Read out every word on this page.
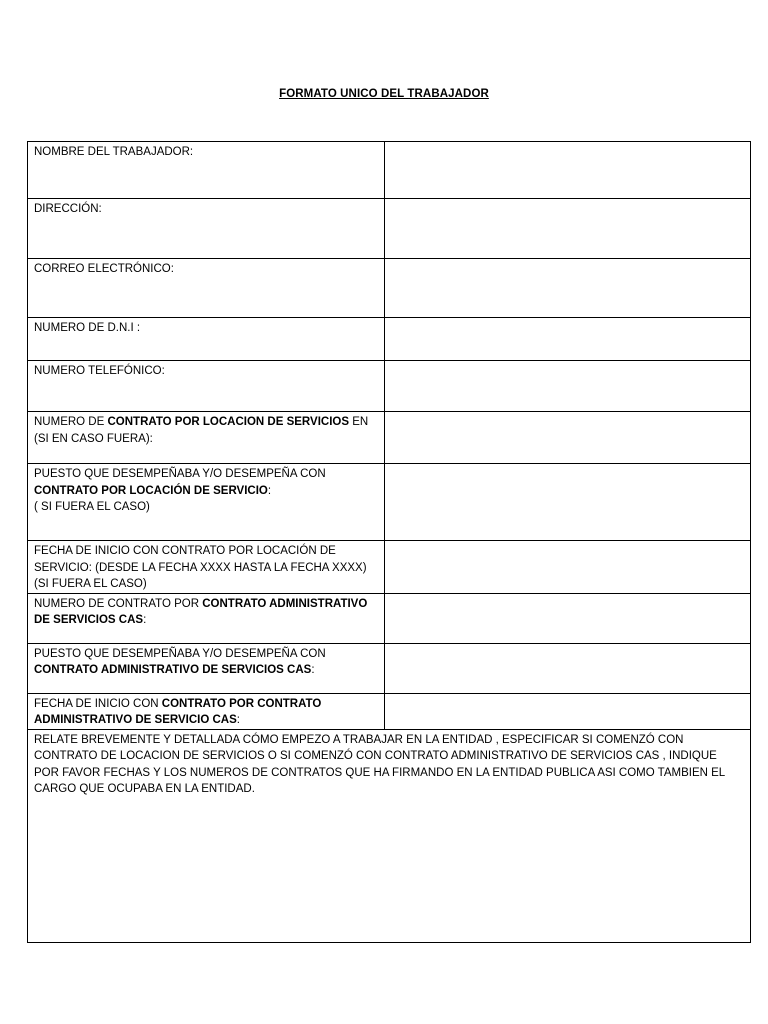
FORMATO UNICO DEL TRABAJADOR
NOMBRE DEL TRABAJADOR:	
DIRECCIÓN:	
CORREO ELECTRÓNICO:	
NUMERO DE D.N.I :	
NUMERO TELEFÓNICO:	
NUMERO DE CONTRATO POR LOCACION DE SERVICIOS EN (SI EN CASO FUERA):	
PUESTO QUE DESEMPEÑABA Y/O DESEMPEÑA CON
CONTRATO POR LOCACIÓN DE SERVICIO:
( SI FUERA EL CASO)	
FECHA DE INICIO CON CONTRATO POR LOCACIÓN DE SERVICIO: (DESDE LA FECHA XXXX HASTA LA FECHA XXXX) (SI FUERA EL CASO)	
NUMERO DE CONTRATO POR CONTRATO ADMINISTRATIVO DE SERVICIOS CAS:	
PUESTO QUE DESEMPEÑABA Y/O DESEMPEÑA CON
CONTRATO ADMINISTRATIVO DE SERVICIOS CAS:	
FECHA DE INICIO CON CONTRATO POR CONTRATO ADMINISTRATIVO DE SERVICIO CAS:	

RELATE BREVEMENTE Y DETALLADA CÓMO EMPEZO A TRABAJAR EN LA ENTIDAD , ESPECIFICAR SI COMENZÓ CON CONTRATO DE LOCACION DE SERVICIOS O SI COMENZÓ CON CONTRATO ADMINISTRATIVO DE SERVICIOS CAS , INDIQUE POR FAVOR FECHAS Y LOS NUMEROS DE CONTRATOS QUE HA FIRMANDO EN LA ENTIDAD PUBLICA ASI COMO TAMBIEN EL CARGO QUE OCUPABA EN LA ENTIDAD.	
